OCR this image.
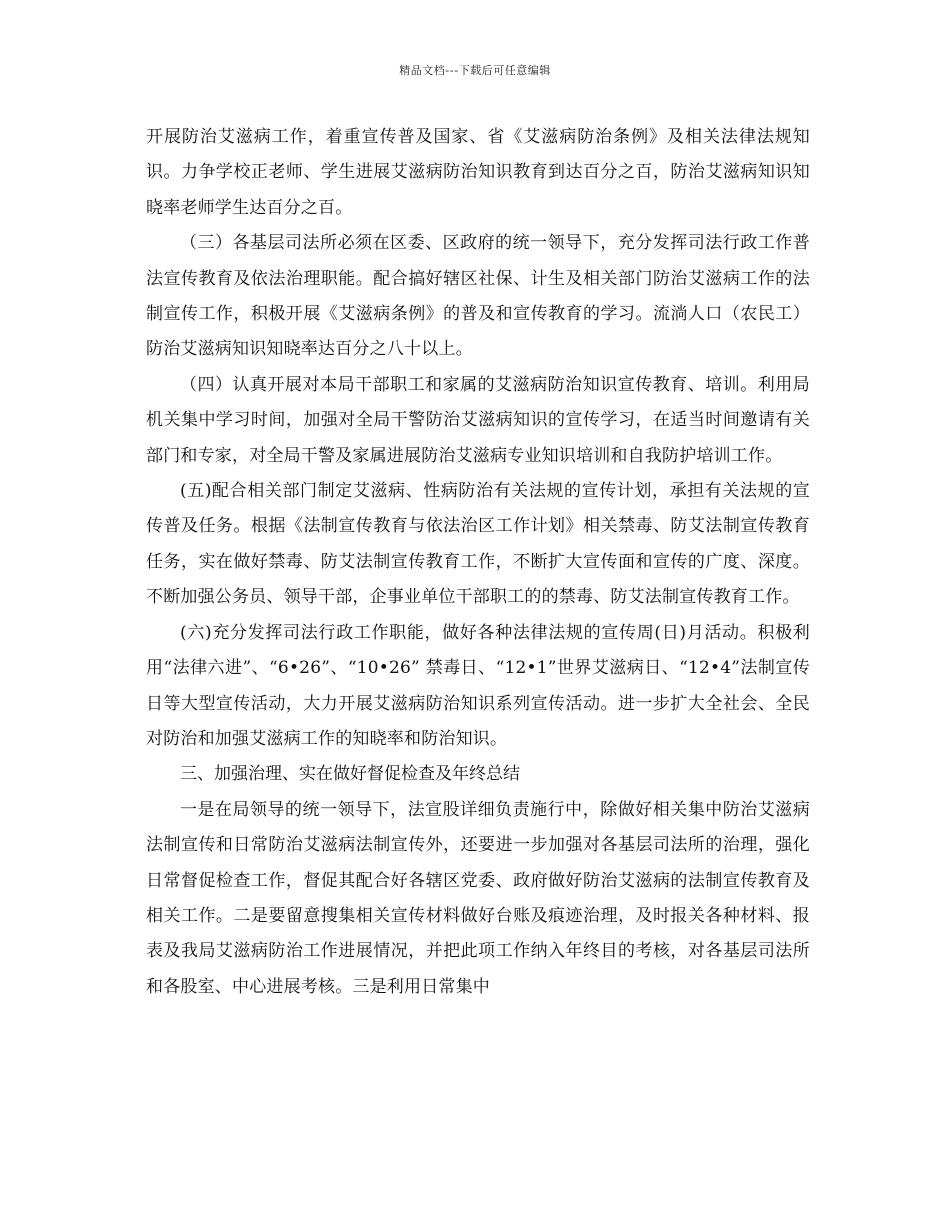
精品文档---下载后可任意编辑

开展防治艾滋病工作，着重宣传普及国家、省《艾滋病防治条例》及相关法律法规知识。力争学校正老师、学生进展艾滋病防治知识教育到达百分之百，防治艾滋病知识知晓率老师学生达百分之百。

（三）各基层司法所必须在区委、区政府的统一领导下，充分发挥司法行政工作普法宣传教育及依法治理职能。配合搞好辖区社保、计生及相关部门防治艾滋病工作的法制宣传工作，积极开展《艾滋病条例》的普及和宣传教育的学习。流淌人口（农民工）防治艾滋病知识知晓率达百分之八十以上。

（四）认真开展对本局干部职工和家属的艾滋病防治知识宣传教育、培训。利用局机关集中学习时间，加强对全局干警防治艾滋病知识的宣传学习，在适当时间邀请有关部门和专家，对全局干警及家属进展防治艾滋病专业知识培训和自我防护培训工作。

(五)配合相关部门制定艾滋病、性病防治有关法规的宣传计划，承担有关法规的宣传普及任务。根据《法制宣传教育与依法治区工作计划》相关禁毒、防艾法制宣传教育任务，实在做好禁毒、防艾法制宣传教育工作，不断扩大宣传面和宣传的广度、深度。不断加强公务员、领导干部，企事业单位干部职工的的禁毒、防艾法制宣传教育工作。

(六)充分发挥司法行政工作职能，做好各种法律法规的宣传周(日)月活动。积极利用“法律六进”、“6•26”、“10•26” 禁毒日、“12•1”世界艾滋病日、“12•4”法制宣传日等大型宣传活动，大力开展艾滋病防治知识系列宣传活动。进一步扩大全社会、全民对防治和加强艾滋病工作的知晓率和防治知识。

三、加强治理、实在做好督促检查及年终总结

一是在局领导的统一领导下，法宣股详细负责施行中，除做好相关集中防治艾滋病法制宣传和日常防治艾滋病法制宣传外，还要进一步加强对各基层司法所的治理，强化日常督促检查工作，督促其配合好各辖区党委、政府做好防治艾滋病的法制宣传教育及相关工作。二是要留意搜集相关宣传材料做好台账及痕迹治理，及时报关各种材料、报表及我局艾滋病防治工作进展情况，并把此项工作纳入年终目的考核，对各基层司法所和各股室、中心进展考核。三是利用日常集中
